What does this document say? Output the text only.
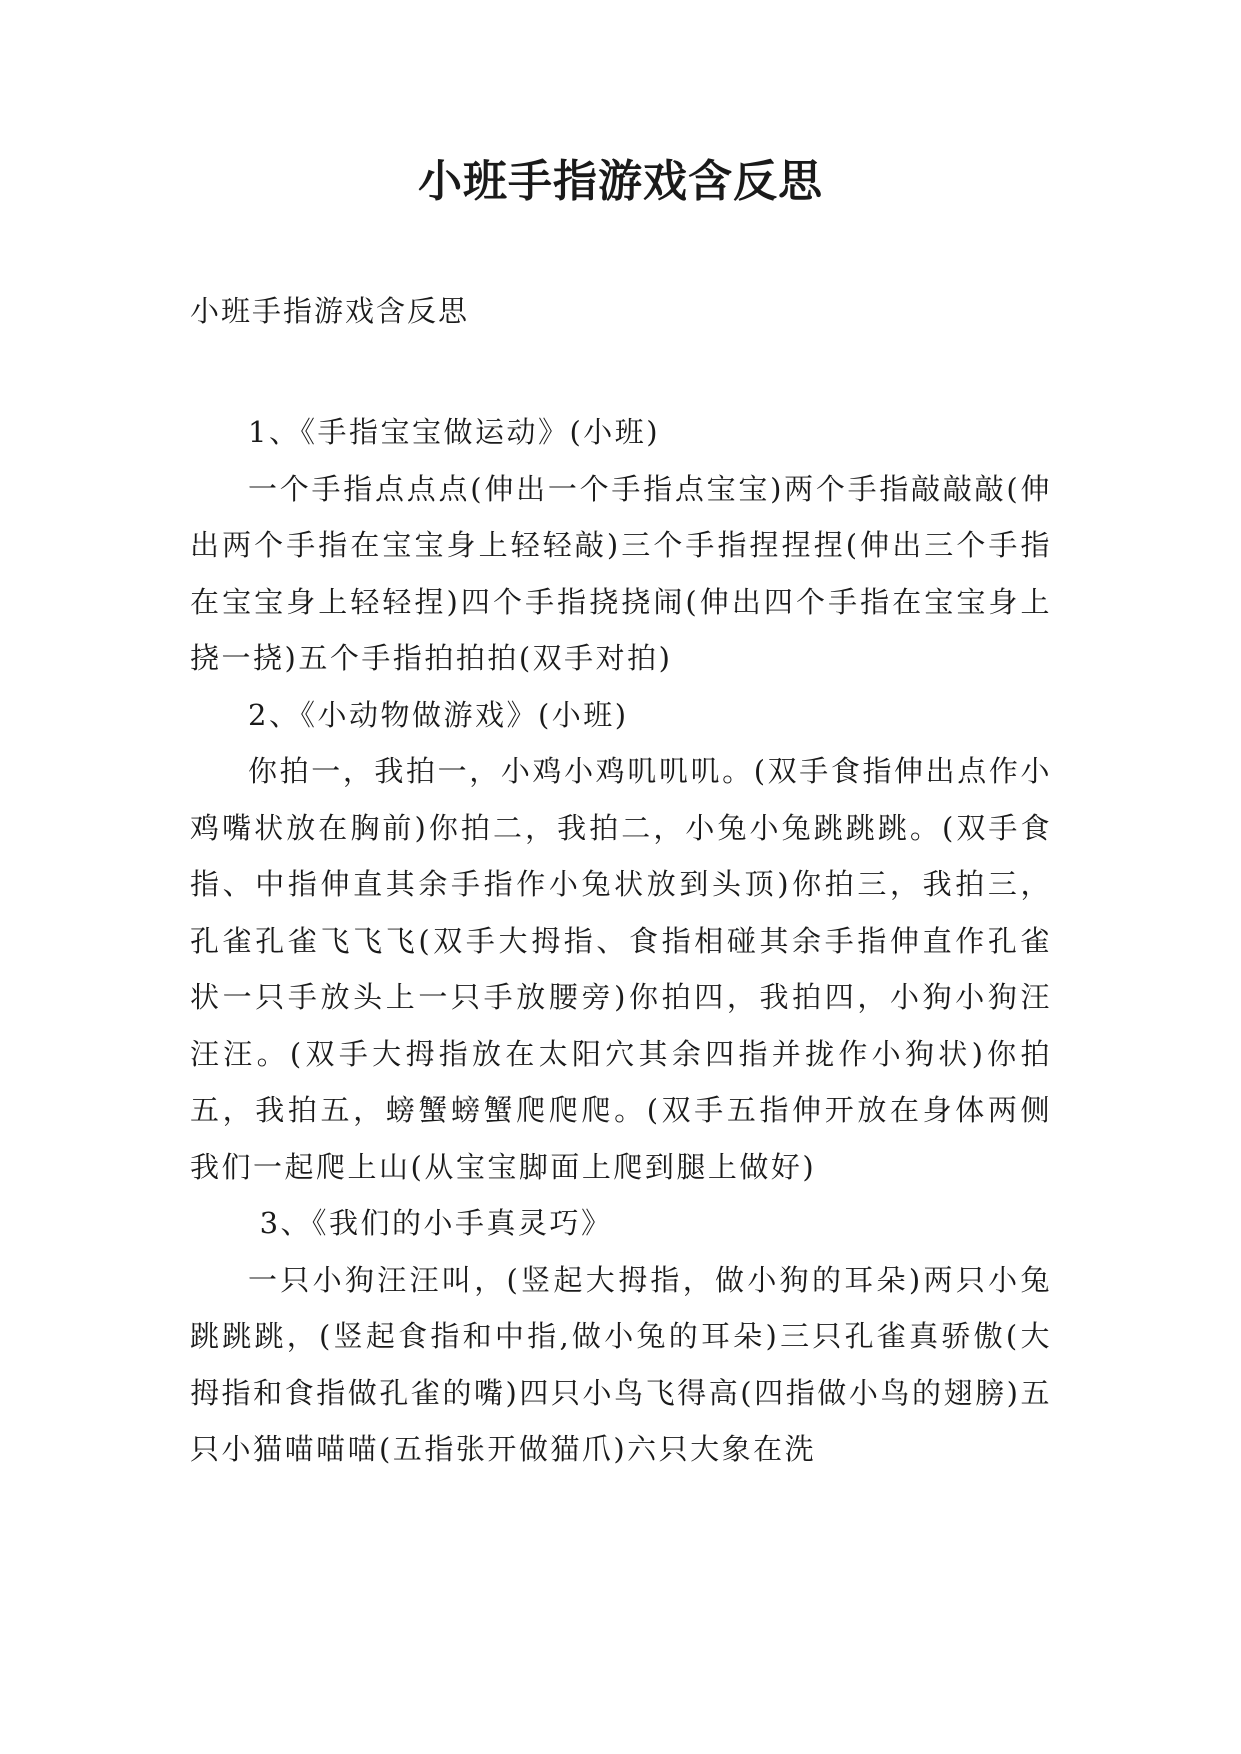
小班手指游戏含反思

小班手指游戏含反思

1、《手指宝宝做运动》(小班)

一个手指点点点(伸出一个手指点宝宝)两个手指敲敲敲(伸出两个手指在宝宝身上轻轻敲)三个手指捏捏捏(伸出三个手指在宝宝身上轻轻捏)四个手指挠挠闹(伸出四个手指在宝宝身上挠一挠)五个手指拍拍拍(双手对拍)

2、《小动物做游戏》(小班)

你拍一，我拍一，小鸡小鸡叽叽叽。(双手食指伸出点作小鸡嘴状放在胸前)你拍二，我拍二，小兔小兔跳跳跳。(双手食指、中指伸直其余手指作小兔状放到头顶)你拍三，我拍三，孔雀孔雀飞飞飞(双手大拇指、食指相碰其余手指伸直作孔雀状一只手放头上一只手放腰旁)你拍四，我拍四，小狗小狗汪汪汪。(双手大拇指放在太阳穴其余四指并拢作小狗状)你拍五，我拍五，螃蟹螃蟹爬爬爬。(双手五指伸开放在身体两侧我们一起爬上山(从宝宝脚面上爬到腿上做好)

3、《我们的小手真灵巧》

一只小狗汪汪叫，(竖起大拇指，做小狗的耳朵)两只小兔跳跳跳，(竖起食指和中指,做小兔的耳朵)三只孔雀真骄傲(大拇指和食指做孔雀的嘴)四只小鸟飞得高(四指做小鸟的翅膀)五只小猫喵喵喵(五指张开做猫爪)六只大象在洗
